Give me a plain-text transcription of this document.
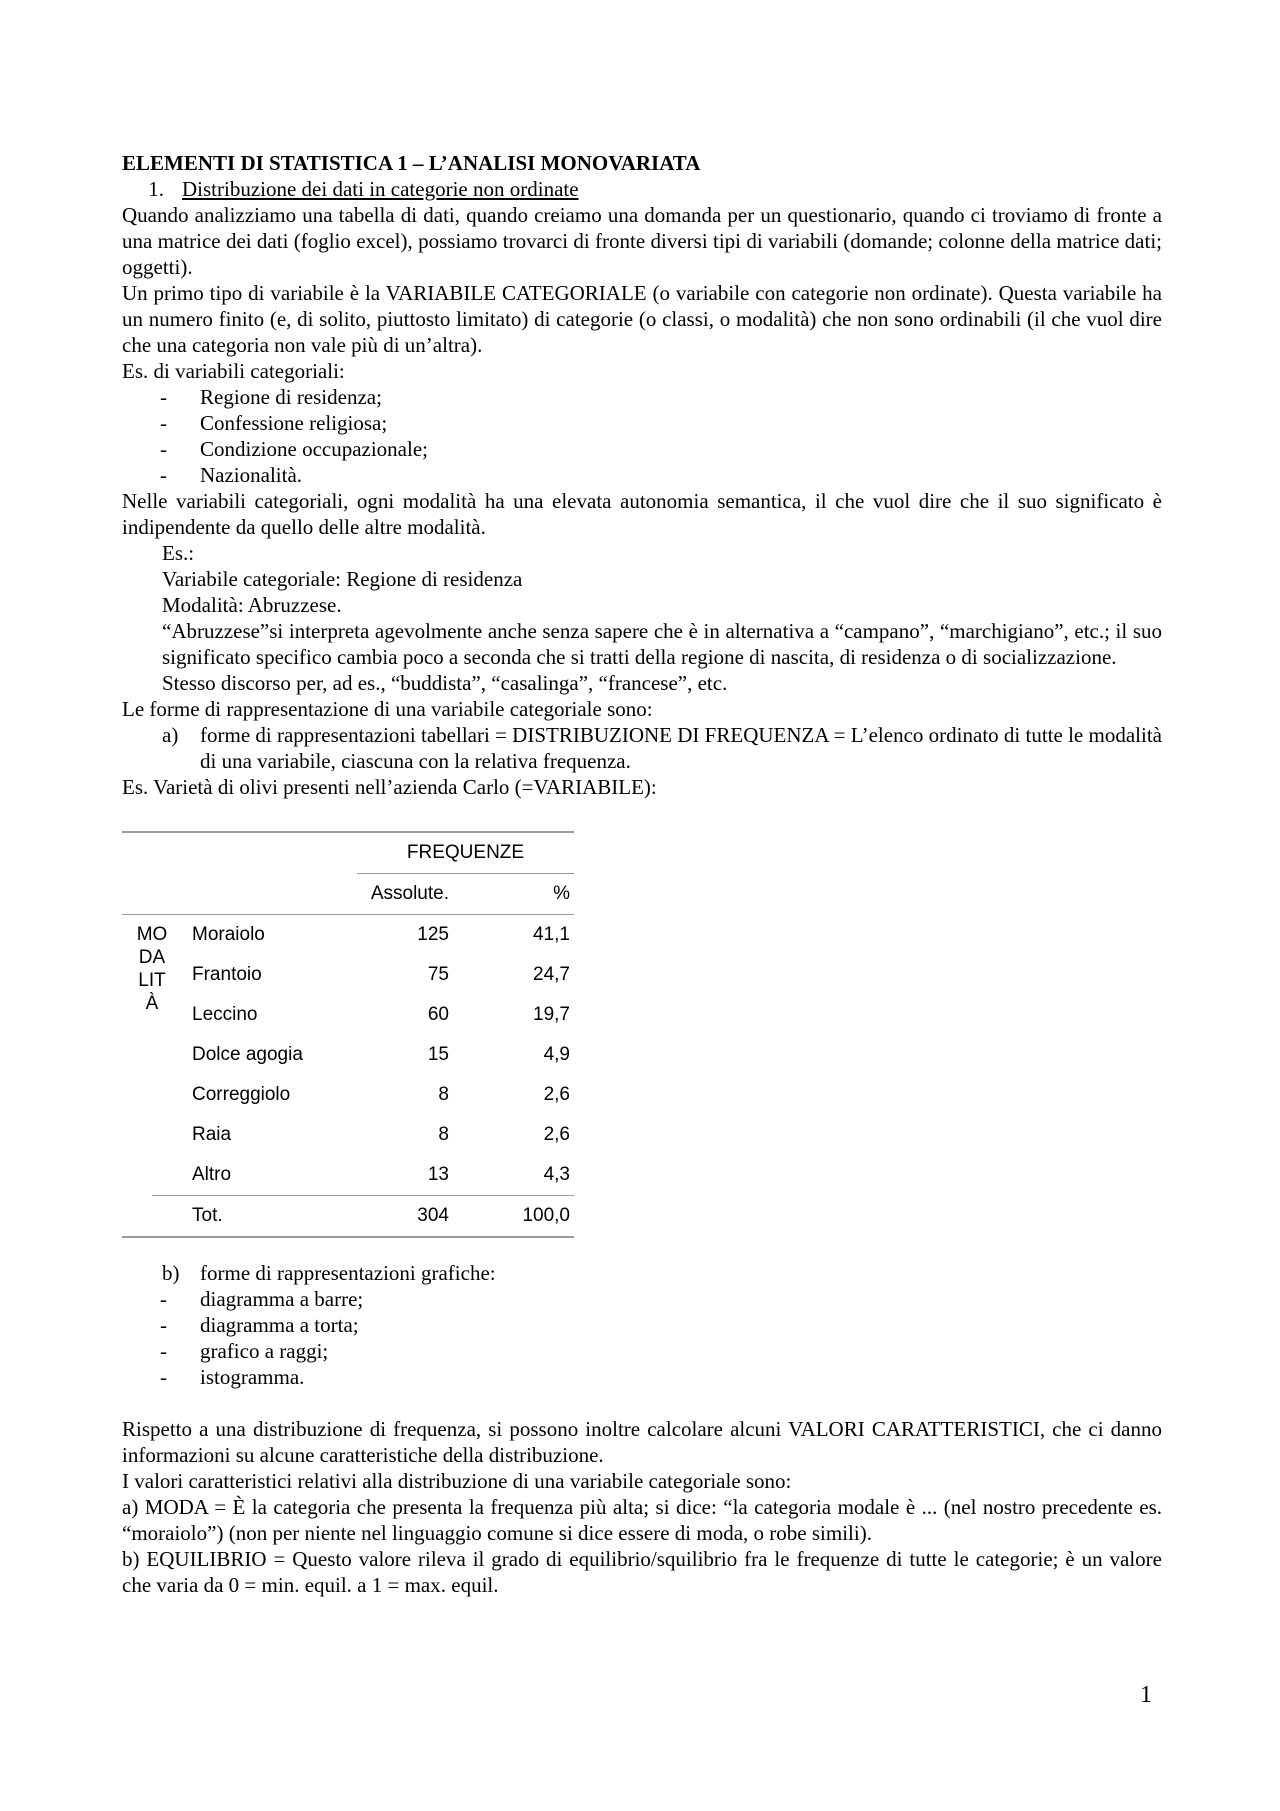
ELEMENTI DI STATISTICA 1 – L’ANALISI MONOVARIATA

1. Distribuzione dei dati in categorie non ordinate

Quando analizziamo una tabella di dati, quando creiamo una domanda per un questionario, quando ci troviamo di fronte a una matrice dei dati (foglio excel), possiamo trovarci di fronte diversi tipi di variabili (domande; colonne della matrice dati; oggetti).

Un primo tipo di variabile è la VARIABILE CATEGORIALE (o variabile con categorie non ordinate). Questa variabile ha un numero finito (e, di solito, piuttosto limitato) di categorie (o classi, o modalità) che non sono ordinabili (il che vuol dire che una categoria non vale più di un’altra).

Es. di variabili categoriali:

-	Regione di residenza;
-	Confessione religiosa;
-	Condizione occupazionale;
-	Nazionalità.

Nelle variabili categoriali, ogni modalità ha una elevata autonomia semantica, il che vuol dire che il suo significato è indipendente da quello delle altre modalità.

Es.:

Variabile categoriale: Regione di residenza

Modalità: Abruzzese.

“Abruzzese”si interpreta agevolmente anche senza sapere che è in alternativa a “campano”, “marchigiano”, etc.; il suo significato specifico cambia poco a seconda che si tratti della regione di nascita, di residenza o di socializzazione.

Stesso discorso per, ad es., “buddista”, “casalinga”, “francese”, etc.

Le forme di rappresentazione di una variabile categoriale sono:

a)	forme di rappresentazioni tabellari = DISTRIBUZIONE DI FREQUENZA = L’elenco ordinato di tutte le modalità di una variabile, ciascuna con la relativa frequenza.

Es. Varietà di olivi presenti nell’azienda Carlo (=VARIABILE):

FREQUENZE
Assolute.	%
MO
DA
LIT
À
Moraiolo	125	41,1
Frantoio	75	24,7
Leccino	60	19,7
Dolce agogia	15	4,9
Correggiolo	8	2,6
Raia	8	2,6
Altro	13	4,3
Tot.	304	100,0
b) forme di rappresentazioni grafiche:
-	diagramma a barre;
-	diagramma a torta;
-	grafico a raggi;
-	istogramma.

Rispetto a una distribuzione di frequenza, si possono inoltre calcolare alcuni VALORI CARATTERISTICI, che ci danno informazioni su alcune caratteristiche della distribuzione.

I valori caratteristici relativi alla distribuzione di una variabile categoriale sono:

a) MODA = È la categoria che presenta la frequenza più alta; si dice: “la categoria modale è ... (nel nostro precedente es. “moraiolo”) (non per niente nel linguaggio comune si dice essere di moda, o robe simili).

b) EQUILIBRIO = Questo valore rileva il grado di equilibrio/squilibrio fra le frequenze di tutte le categorie; è un valore che varia da 0 = min. equil. a 1 = max. equil.

1
